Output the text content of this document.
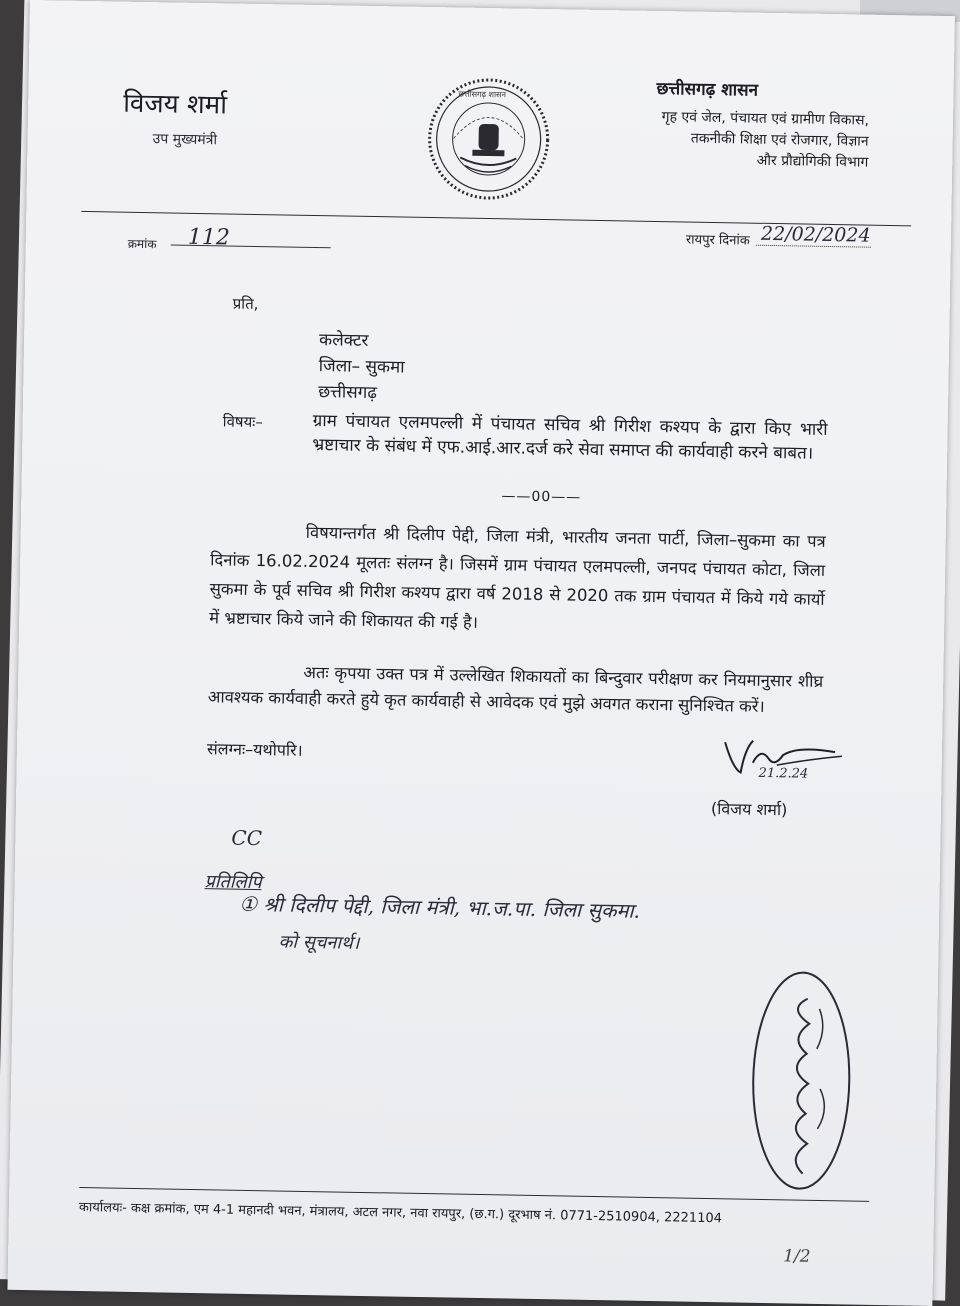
विजय शर्मा
उप मुख्यमंत्री
छत्तीसगढ़ शासन	छत्तीसगढ़ शासन
गृह एवं जेल, पंचायत एवं ग्रामीण विकास,
तकनीकी शिक्षा एवं रोजगार, विज्ञान
और प्रौद्योगिकी विभाग
क्रमांक 112	रायपुर दिनांक 22/02/2024
प्रति,
कलेक्टर
जिला– सुकमा
छत्तीसगढ़
विषयः–	ग्राम पंचायत एलमपल्ली में पंचायत सचिव श्री गिरीश कश्यप के द्वारा किए भारी भ्रष्टाचार के संबंध में एफ.आई.आर.दर्ज करे सेवा समाप्त की कार्यवाही करने बाबत।
——00——
विषयान्तर्गत श्री दिलीप पेद्दी, जिला मंत्री, भारतीय जनता पार्टी, जिला–सुकमा का पत्र दिनांक 16.02.2024 मूलतः संलग्न है। जिसमें ग्राम पंचायत एलमपल्ली, जनपद पंचायत कोटा, जिला सुकमा के पूर्व सचिव श्री गिरीश कश्यप द्वारा वर्ष 2018 से 2020 तक ग्राम पंचायत में किये गये कार्यो में भ्रष्टाचार किये जाने की शिकायत की गई है।
अतः कृपया उक्त पत्र में उल्लेखित शिकायतों का बिन्दुवार परीक्षण कर नियमानुसार शीघ्र आवश्यक कार्यवाही करते हुये कृत कार्यवाही से आवेदक एवं मुझे अवगत कराना सुनिश्चित करें।
संलग्नः–यथोपरि।
21.2.24
(विजय शर्मा)
CC
प्रतिलिपि
① श्री दिलीप पेद्दी, जिला मंत्री, भा.ज.पा. जिला सुकमा.
को सूचनार्थ।
कार्यालयः- कक्ष क्रमांक, एम 4-1 महानदी भवन, मंत्रालय, अटल नगर, नवा रायपुर, (छ.ग.) दूरभाष नं. 0771-2510904, 2221104
1/2
